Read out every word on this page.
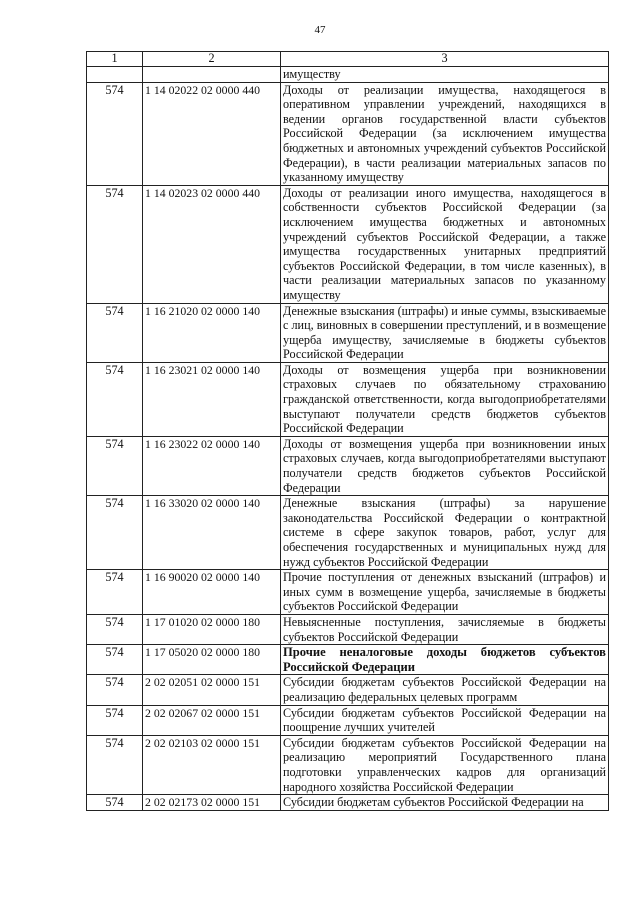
47
1	2	3
		имуществу
574	1 14 02022 02 0000 440	Доходы от реализации имущества, находящегося в оперативном управлении учреждений, находящихся в ведении органов государственной власти субъектов Российской Федерации (за исключением имущества бюджетных и автономных учреждений субъектов Российской Федерации), в части реализации материальных запасов по указанному имуществу
574	1 14 02023 02 0000 440	Доходы от реализации иного имущества, находящегося в собственности субъектов Российской Федерации (за исключением имущества бюджетных и автономных учреждений субъектов Российской Федерации, а также имущества государственных унитарных предприятий субъектов Российской Федерации, в том числе казенных), в части реализации материальных запасов по указанному имуществу
574	1 16 21020 02 0000 140	Денежные взыскания (штрафы) и иные суммы, взыскиваемые с лиц, виновных в совершении преступлений, и в возмещение ущерба имуществу, зачисляемые в бюджеты субъектов Российской Федерации
574	1 16 23021 02 0000 140	Доходы от возмещения ущерба при возникновении страховых случаев по обязательному страхованию гражданской ответственности, когда выгодоприобретателями выступают получатели средств бюджетов субъектов Российской Федерации
574	1 16 23022 02 0000 140	Доходы от возмещения ущерба при возникновении иных страховых случаев, когда выгодоприобретателями выступают получатели средств бюджетов субъектов Российской Федерации
574	1 16 33020 02 0000 140	Денежные взыскания (штрафы) за нарушение законодательства Российской Федерации о контрактной системе в сфере закупок товаров, работ, услуг для обеспечения государственных и муниципальных нужд для нужд субъектов Российской Федерации
574	1 16 90020 02 0000 140	Прочие поступления от денежных взысканий (штрафов) и иных сумм в возмещение ущерба, зачисляемые в бюджеты субъектов Российской Федерации
574	1 17 01020 02 0000 180	Невыясненные поступления, зачисляемые в бюджеты субъектов Российской Федерации
574	1 17 05020 02 0000 180	Прочие неналоговые доходы бюджетов субъектов Российской Федерации
574	2 02 02051 02 0000 151	Субсидии бюджетам субъектов Российской Федерации на реализацию федеральных целевых программ
574	2 02 02067 02 0000 151	Субсидии бюджетам субъектов Российской Федерации на поощрение лучших учителей
574	2 02 02103 02 0000 151	Субсидии бюджетам субъектов Российской Федерации на реализацию мероприятий Государственного плана подготовки управленческих кадров для организаций народного хозяйства Российской Федерации
574	2 02 02173 02 0000 151	Субсидии бюджетам субъектов Российской Федерации на
